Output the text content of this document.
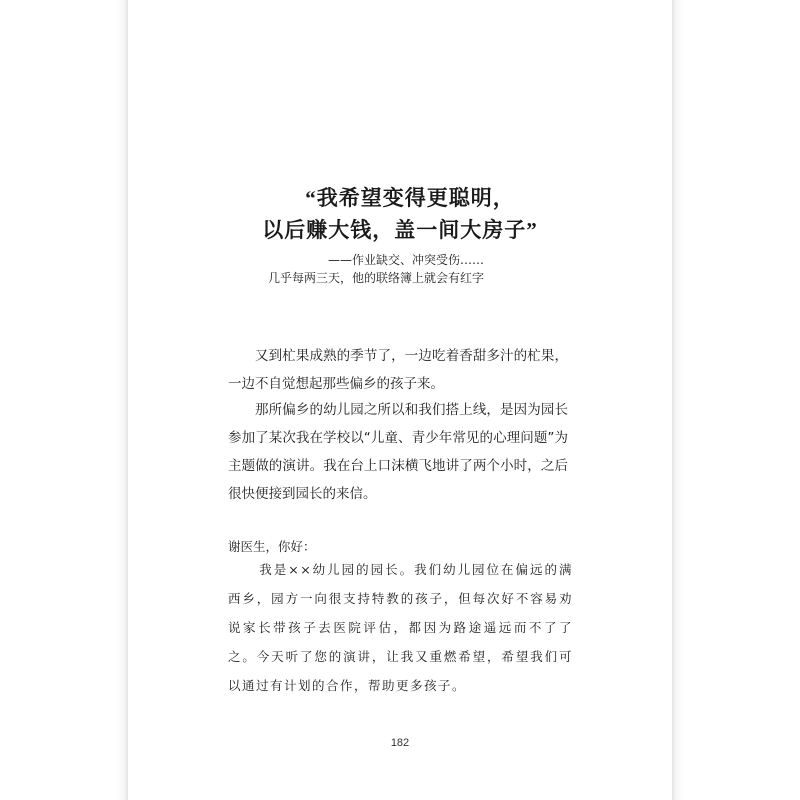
“我希望变得更聪明，
以后赚大钱，盖一间大房子”
——作业缺交、冲突受伤……
几乎每两三天，他的联络簿上就会有红字

又到杧果成熟的季节了，一边吃着香甜多汁的杧果，一边不自觉想起那些偏乡的孩子来。

那所偏乡的幼儿园之所以和我们搭上线，是因为园长参加了某次我在学校以“儿童、青少年常见的心理问题”为主题做的演讲。我在台上口沫横飞地讲了两个小时，之后很快便接到园长的来信。

谢医生，你好：

我是××幼儿园的园长。我们幼儿园位在偏远的满西乡，园方一向很支持特教的孩子，但每次好不容易劝说家长带孩子去医院评估，都因为路途遥远而不了了之。今天听了您的演讲，让我又重燃希望，希望我们可以通过有计划的合作，帮助更多孩子。

182
